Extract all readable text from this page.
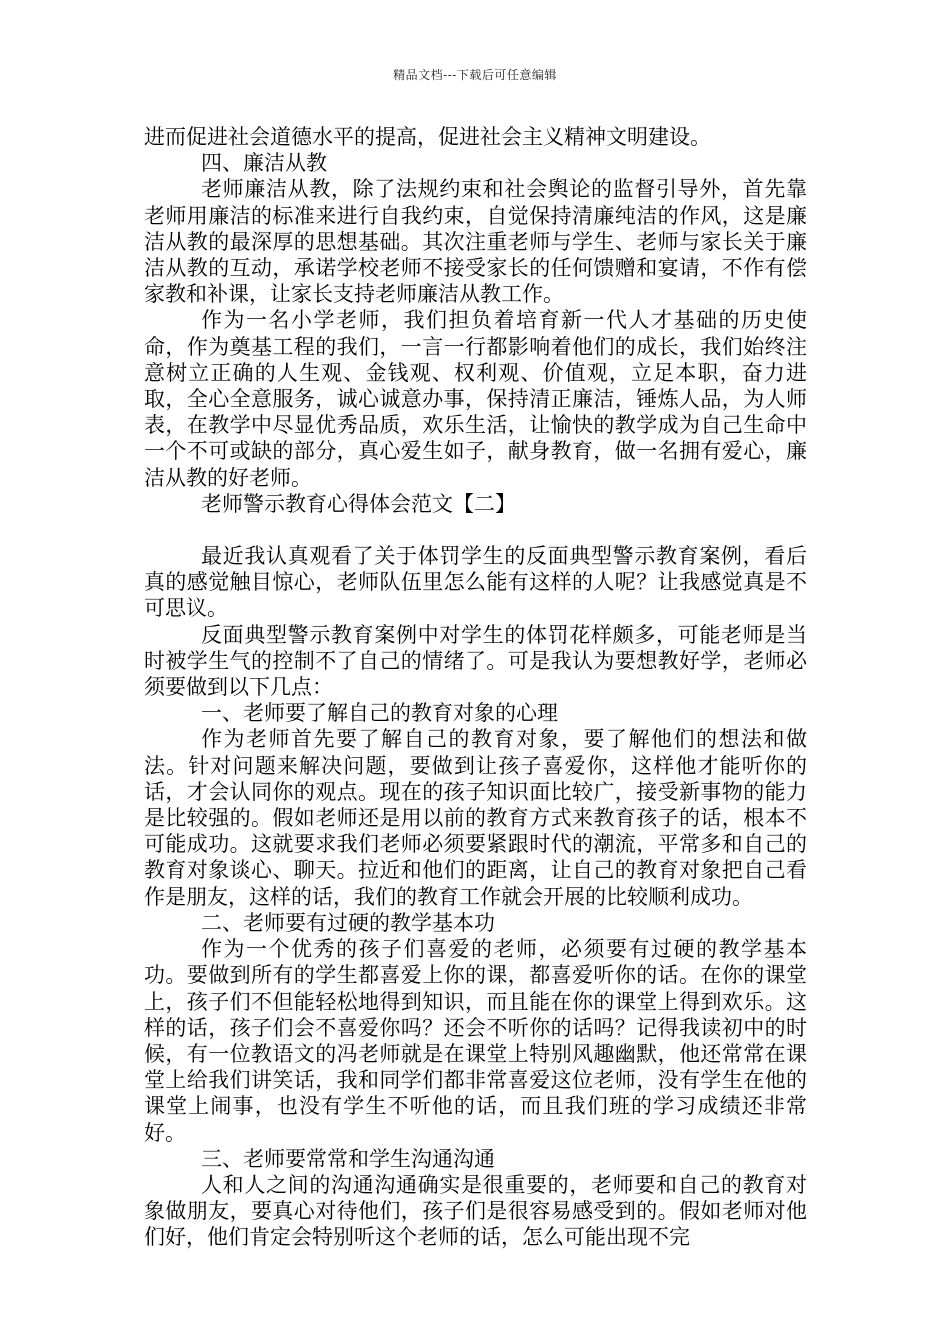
精品文档---下载后可任意编辑

进而促进社会道德水平的提高，促进社会主义精神文明建设。

四、廉洁从教

老师廉洁从教，除了法规约束和社会舆论的监督引导外，首先靠老师用廉洁的标准来进行自我约束，自觉保持清廉纯洁的作风，这是廉洁从教的最深厚的思想基础。其次注重老师与学生、老师与家长关于廉洁从教的互动，承诺学校老师不接受家长的任何馈赠和宴请，不作有偿家教和补课，让家长支持老师廉洁从教工作。

作为一名小学老师，我们担负着培育新一代人才基础的历史使命，作为奠基工程的我们，一言一行都影响着他们的成长，我们始终注意树立正确的人生观、金钱观、权利观、价值观，立足本职，奋力进取，全心全意服务，诚心诚意办事，保持清正廉洁，锤炼人品，为人师表，在教学中尽显优秀品质，欢乐生活，让愉快的教学成为自己生命中一个不可或缺的部分，真心爱生如子，献身教育，做一名拥有爱心，廉洁从教的好老师。

老师警示教育心得体会范文【二】

最近我认真观看了关于体罚学生的反面典型警示教育案例，看后真的感觉触目惊心，老师队伍里怎么能有这样的人呢？让我感觉真是不可思议。

反面典型警示教育案例中对学生的体罚花样颇多，可能老师是当时被学生气的控制不了自己的情绪了。可是我认为要想教好学，老师必须要做到以下几点：

一、老师要了解自己的教育对象的心理

作为老师首先要了解自己的教育对象，要了解他们的想法和做法。针对问题来解决问题，要做到让孩子喜爱你，这样他才能听你的话，才会认同你的观点。现在的孩子知识面比较广，接受新事物的能力是比较强的。假如老师还是用以前的教育方式来教育孩子的话，根本不可能成功。这就要求我们老师必须要紧跟时代的潮流，平常多和自己的教育对象谈心、聊天。拉近和他们的距离，让自己的教育对象把自己看作是朋友，这样的话，我们的教育工作就会开展的比较顺利成功。

二、老师要有过硬的教学基本功

作为一个优秀的孩子们喜爱的老师，必须要有过硬的教学基本功。要做到所有的学生都喜爱上你的课，都喜爱听你的话。在你的课堂上，孩子们不但能轻松地得到知识，而且能在你的课堂上得到欢乐。这样的话，孩子们会不喜爱你吗？还会不听你的话吗？记得我读初中的时候，有一位教语文的冯老师就是在课堂上特别风趣幽默，他还常常在课堂上给我们讲笑话，我和同学们都非常喜爱这位老师，没有学生在他的课堂上闹事，也没有学生不听他的话，而且我们班的学习成绩还非常好。

三、老师要常常和学生沟通沟通

人和人之间的沟通沟通确实是很重要的，老师要和自己的教育对象做朋友，要真心对待他们，孩子们是很容易感受到的。假如老师对他们好，他们肯定会特别听这个老师的话，怎么可能出现不完
